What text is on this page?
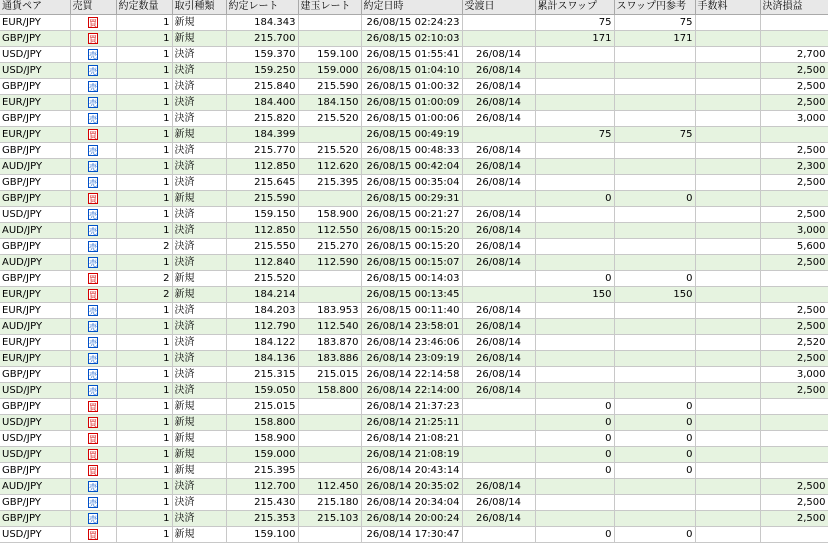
通貨ペア	売買	約定数量	取引種類	約定レート	建玉レート	約定日時	受渡日	累計スワップ	スワップ円参考	手数料	決済損益
EUR/JPY	買	1	新規	184.343		26/08/15 02:24:23		75	75		
GBP/JPY	買	1	新規	215.700		26/08/15 02:10:03		171	171		
USD/JPY	売	1	決済	159.370	159.100	26/08/15 01:55:41	26/08/14				2,700
USD/JPY	売	1	決済	159.250	159.000	26/08/15 01:04:10	26/08/14				2,500
GBP/JPY	売	1	決済	215.840	215.590	26/08/15 01:00:32	26/08/14				2,500
EUR/JPY	売	1	決済	184.400	184.150	26/08/15 01:00:09	26/08/14				2,500
GBP/JPY	売	1	決済	215.820	215.520	26/08/15 01:00:06	26/08/14				3,000
EUR/JPY	買	1	新規	184.399		26/08/15 00:49:19		75	75		
GBP/JPY	売	1	決済	215.770	215.520	26/08/15 00:48:33	26/08/14				2,500
AUD/JPY	売	1	決済	112.850	112.620	26/08/15 00:42:04	26/08/14				2,300
GBP/JPY	売	1	決済	215.645	215.395	26/08/15 00:35:04	26/08/14				2,500
GBP/JPY	買	1	新規	215.590		26/08/15 00:29:31		0	0		
USD/JPY	売	1	決済	159.150	158.900	26/08/15 00:21:27	26/08/14				2,500
AUD/JPY	売	1	決済	112.850	112.550	26/08/15 00:15:20	26/08/14				3,000
GBP/JPY	売	2	決済	215.550	215.270	26/08/15 00:15:20	26/08/14				5,600
AUD/JPY	売	1	決済	112.840	112.590	26/08/15 00:15:07	26/08/14				2,500
GBP/JPY	買	2	新規	215.520		26/08/15 00:14:03		0	0		
EUR/JPY	買	2	新規	184.214		26/08/15 00:13:45		150	150		
EUR/JPY	売	1	決済	184.203	183.953	26/08/15 00:11:40	26/08/14				2,500
AUD/JPY	売	1	決済	112.790	112.540	26/08/14 23:58:01	26/08/14				2,500
EUR/JPY	売	1	決済	184.122	183.870	26/08/14 23:46:06	26/08/14				2,520
EUR/JPY	売	1	決済	184.136	183.886	26/08/14 23:09:19	26/08/14				2,500
GBP/JPY	売	1	決済	215.315	215.015	26/08/14 22:14:58	26/08/14				3,000
USD/JPY	売	1	決済	159.050	158.800	26/08/14 22:14:00	26/08/14				2,500
GBP/JPY	買	1	新規	215.015		26/08/14 21:37:23		0	0		
USD/JPY	買	1	新規	158.800		26/08/14 21:25:11		0	0		
USD/JPY	買	1	新規	158.900		26/08/14 21:08:21		0	0		
USD/JPY	買	1	新規	159.000		26/08/14 21:08:19		0	0		
GBP/JPY	買	1	新規	215.395		26/08/14 20:43:14		0	0		
AUD/JPY	売	1	決済	112.700	112.450	26/08/14 20:35:02	26/08/14				2,500
GBP/JPY	売	1	決済	215.430	215.180	26/08/14 20:34:04	26/08/14				2,500
GBP/JPY	売	1	決済	215.353	215.103	26/08/14 20:00:24	26/08/14				2,500
USD/JPY	買	1	新規	159.100		26/08/14 17:30:47		0	0		
